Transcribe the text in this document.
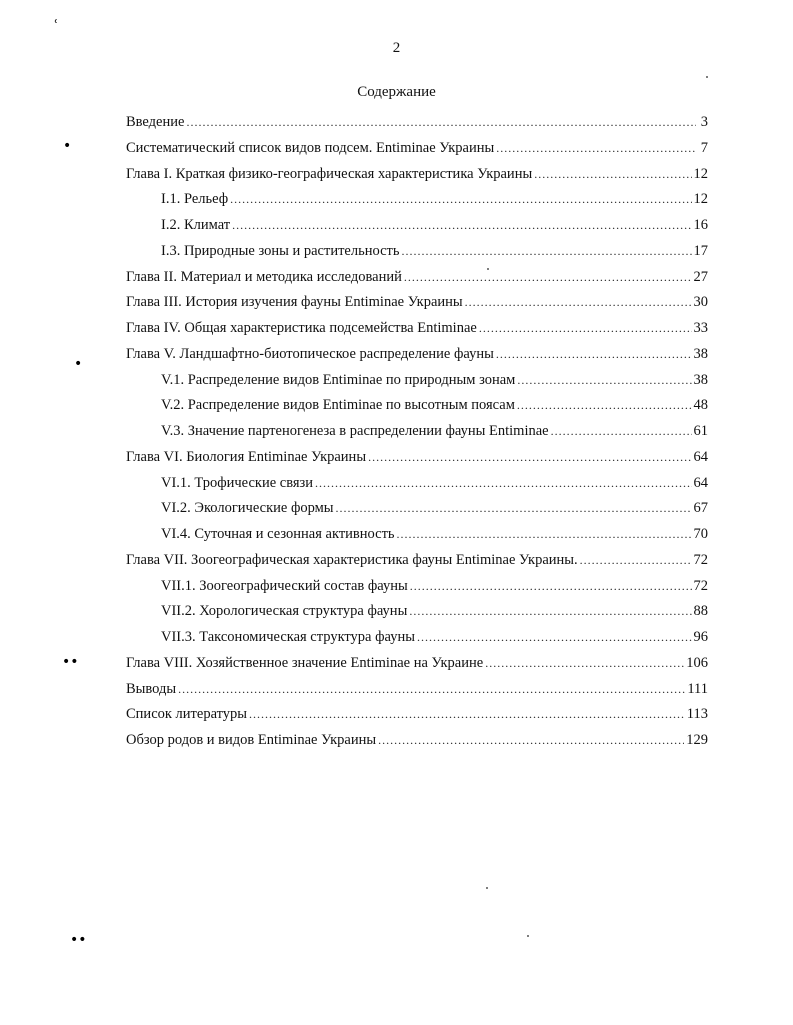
2
Содержание
Введение .....	3
Систематический список видов подсем. Entiminae Украины .....	7
Глава I. Краткая физико-географическая характеристика Украины .....	12
I.1. Рельеф .....	12
I.2. Климат .....	16
I.3. Природные зоны и растительность .....	17
Глава II. Материал и методика исследований .....	27
Глава III. История изучения фауны Entiminae Украины .....	30
Глава IV. Общая характеристика подсемейства Entiminae .....	33
Глава V. Ландшафтно-биотопическое распределение фауны .....	38
V.1. Распределение видов Entiminae по природным зонам .....	38
V.2. Распределение видов Entiminae по высотным поясам .....	48
V.3. Значение партеногенеза в распределении фауны Entiminae .....	61
Глава VI. Биология Entiminae Украины .....	64
VI.1. Трофические связи .....	64
VI.2. Экологические формы .....	67
VI.4. Суточная и сезонная активность .....	70
Глава VII. Зоогеографическая характеристика фауны Entiminae Украины. .....	72
VII.1. Зоогеографический состав фауны .....	72
VII.2. Хорологическая структура фауны .....	88
VII.3. Таксономическая структура фауны .....	96
Глава VIII. Хозяйственное значение Entiminae на Украине .....	106
Выводы .....	111
Список литературы .....	113
Обзор родов и видов Entiminae Украины .....	129
ʿ
•
•
••
••
